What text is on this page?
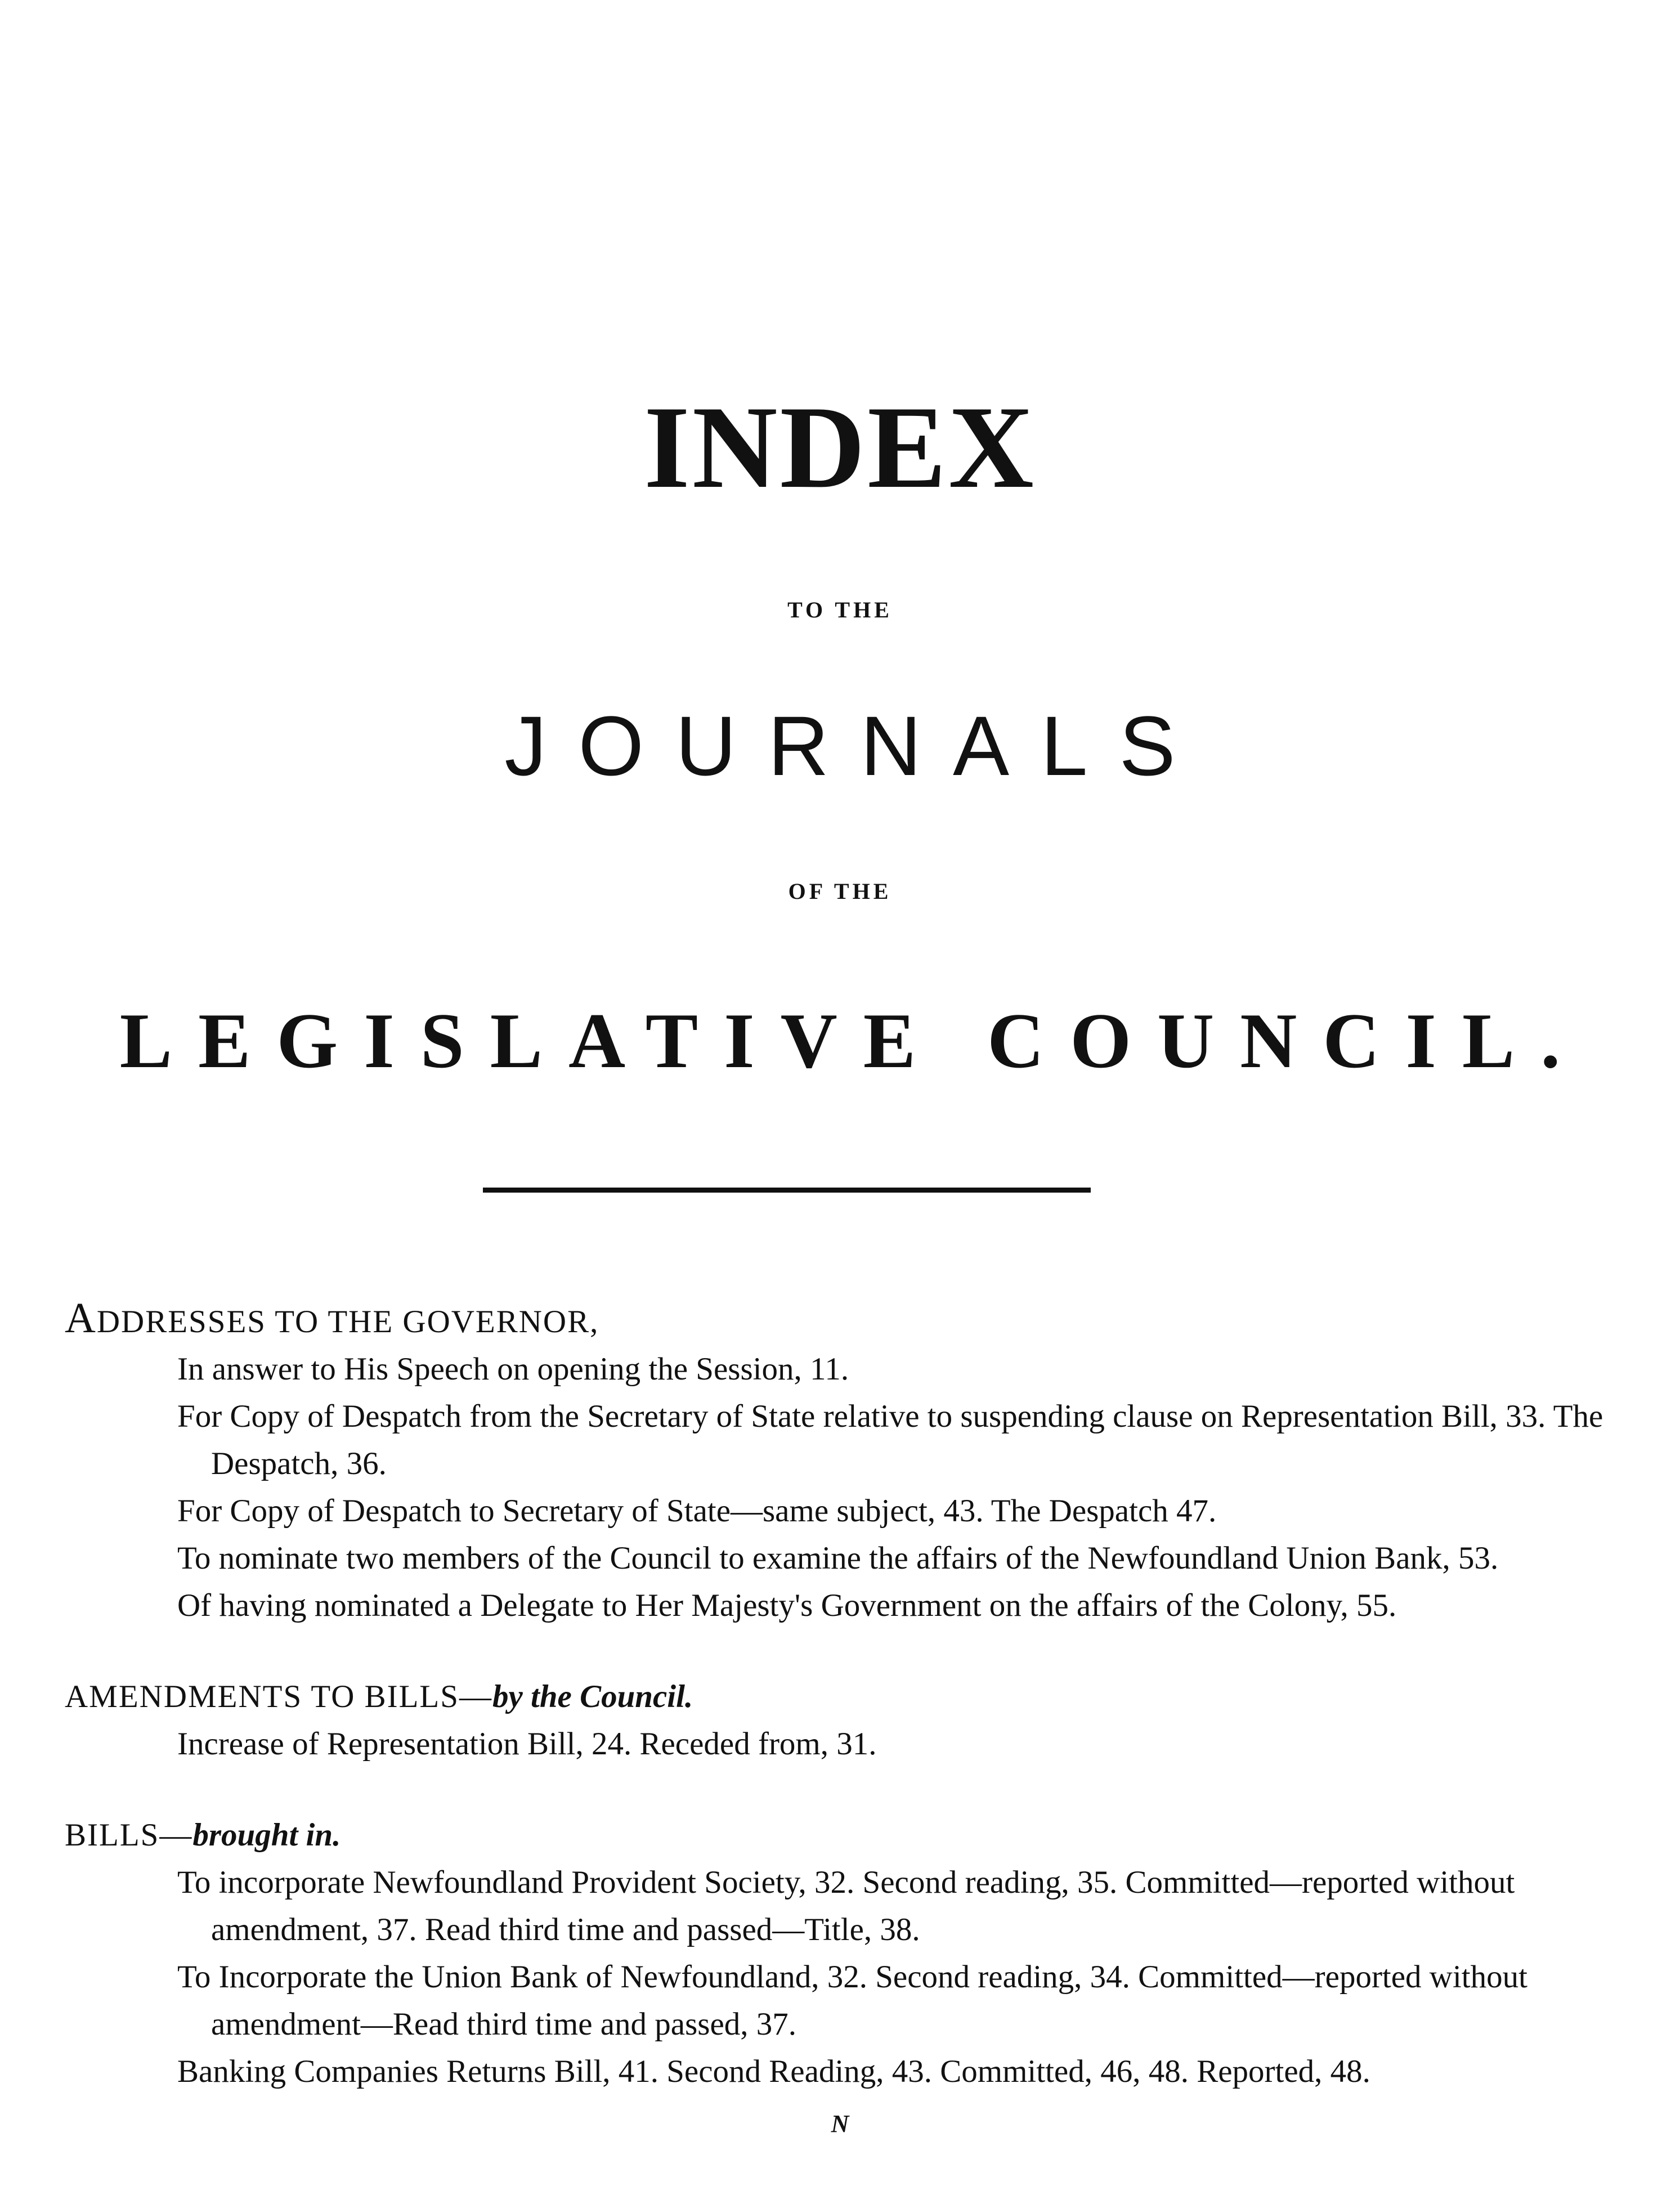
INDEX
TO THE
JOURNALS
OF THE
LEGISLATIVE COUNCIL.
ADDRESSES TO THE GOVERNOR,
In answer to His Speech on opening the Session, 11.
For Copy of Despatch from the Secretary of State relative to suspending clause on Representation Bill, 33. The Despatch, 36.
For Copy of Despatch to Secretary of State—same subject, 43. The Despatch 47.
To nominate two members of the Council to examine the affairs of the Newfoundland Union Bank, 53.
Of having nominated a Delegate to Her Majesty's Government on the affairs of the Colony, 55.
AMENDMENTS TO BILLS—by the Council.
Increase of Representation Bill, 24. Receded from, 31.
BILLS—brought in.
To incorporate Newfoundland Provident Society, 32. Second reading, 35. Committed—reported without amendment, 37. Read third time and passed—Title, 38.
To Incorporate the Union Bank of Newfoundland, 32. Second reading, 34. Committed—reported without amendment—Read third time and passed, 37.
Banking Companies Returns Bill, 41. Second Reading, 43. Committed, 46, 48. Reported, 48.
N
